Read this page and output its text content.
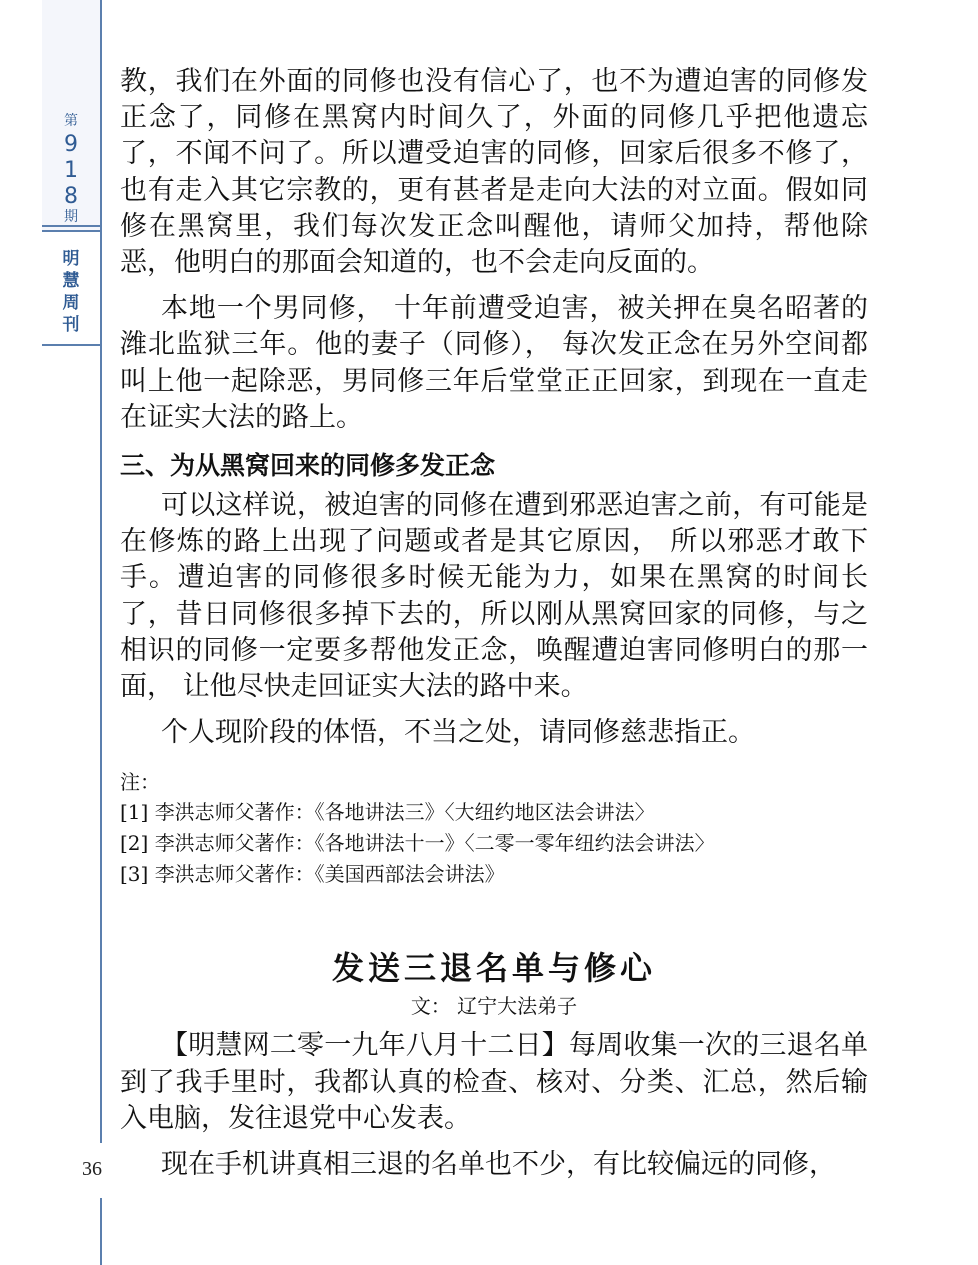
第
9
1
8
期
明
慧
周
刊
36

教，我们在外面的同修也没有信心了，也不为遭迫害的同修发正念了，同修在黑窝内时间久了，外面的同修几乎把他遗忘了，不闻不问了。所以遭受迫害的同修，回家后很多不修了，也有走入其它宗教的，更有甚者是走向大法的对立面。假如同修在黑窝里，我们每次发正念叫醒他，请师父加持，帮他除恶，他明白的那面会知道的，也不会走向反面的。

本地一个男同修， 十年前遭受迫害，被关押在臭名昭著的潍北监狱三年。他的妻子（同修）， 每次发正念在另外空间都叫上他一起除恶，男同修三年后堂堂正正回家，到现在一直走在证实大法的路上。

三、为从黑窝回来的同修多发正念

可以这样说，被迫害的同修在遭到邪恶迫害之前，有可能是在修炼的路上出现了问题或者是其它原因， 所以邪恶才敢下手。遭迫害的同修很多时候无能为力，如果在黑窝的时间长了，昔日同修很多掉下去的，所以刚从黑窝回家的同修，与之相识的同修一定要多帮他发正念，唤醒遭迫害同修明白的那一面， 让他尽快走回证实大法的路中来。

个人现阶段的体悟，不当之处，请同修慈悲指正。

注：
[1] 李洪志师父著作：《各地讲法三》〈大纽约地区法会讲法〉
[2] 李洪志师父著作：《各地讲法十一》〈二零一零年纽约法会讲法〉
[3] 李洪志师父著作：《美国西部法会讲法》
发送三退名单与修心
文： 辽宁大法弟子

【明慧网二零一九年八月十二日】每周收集一次的三退名单到了我手里时，我都认真的检查、核对、分类、汇总，然后输入电脑，发往退党中心发表。

现在手机讲真相三退的名单也不少，有比较偏远的同修，
